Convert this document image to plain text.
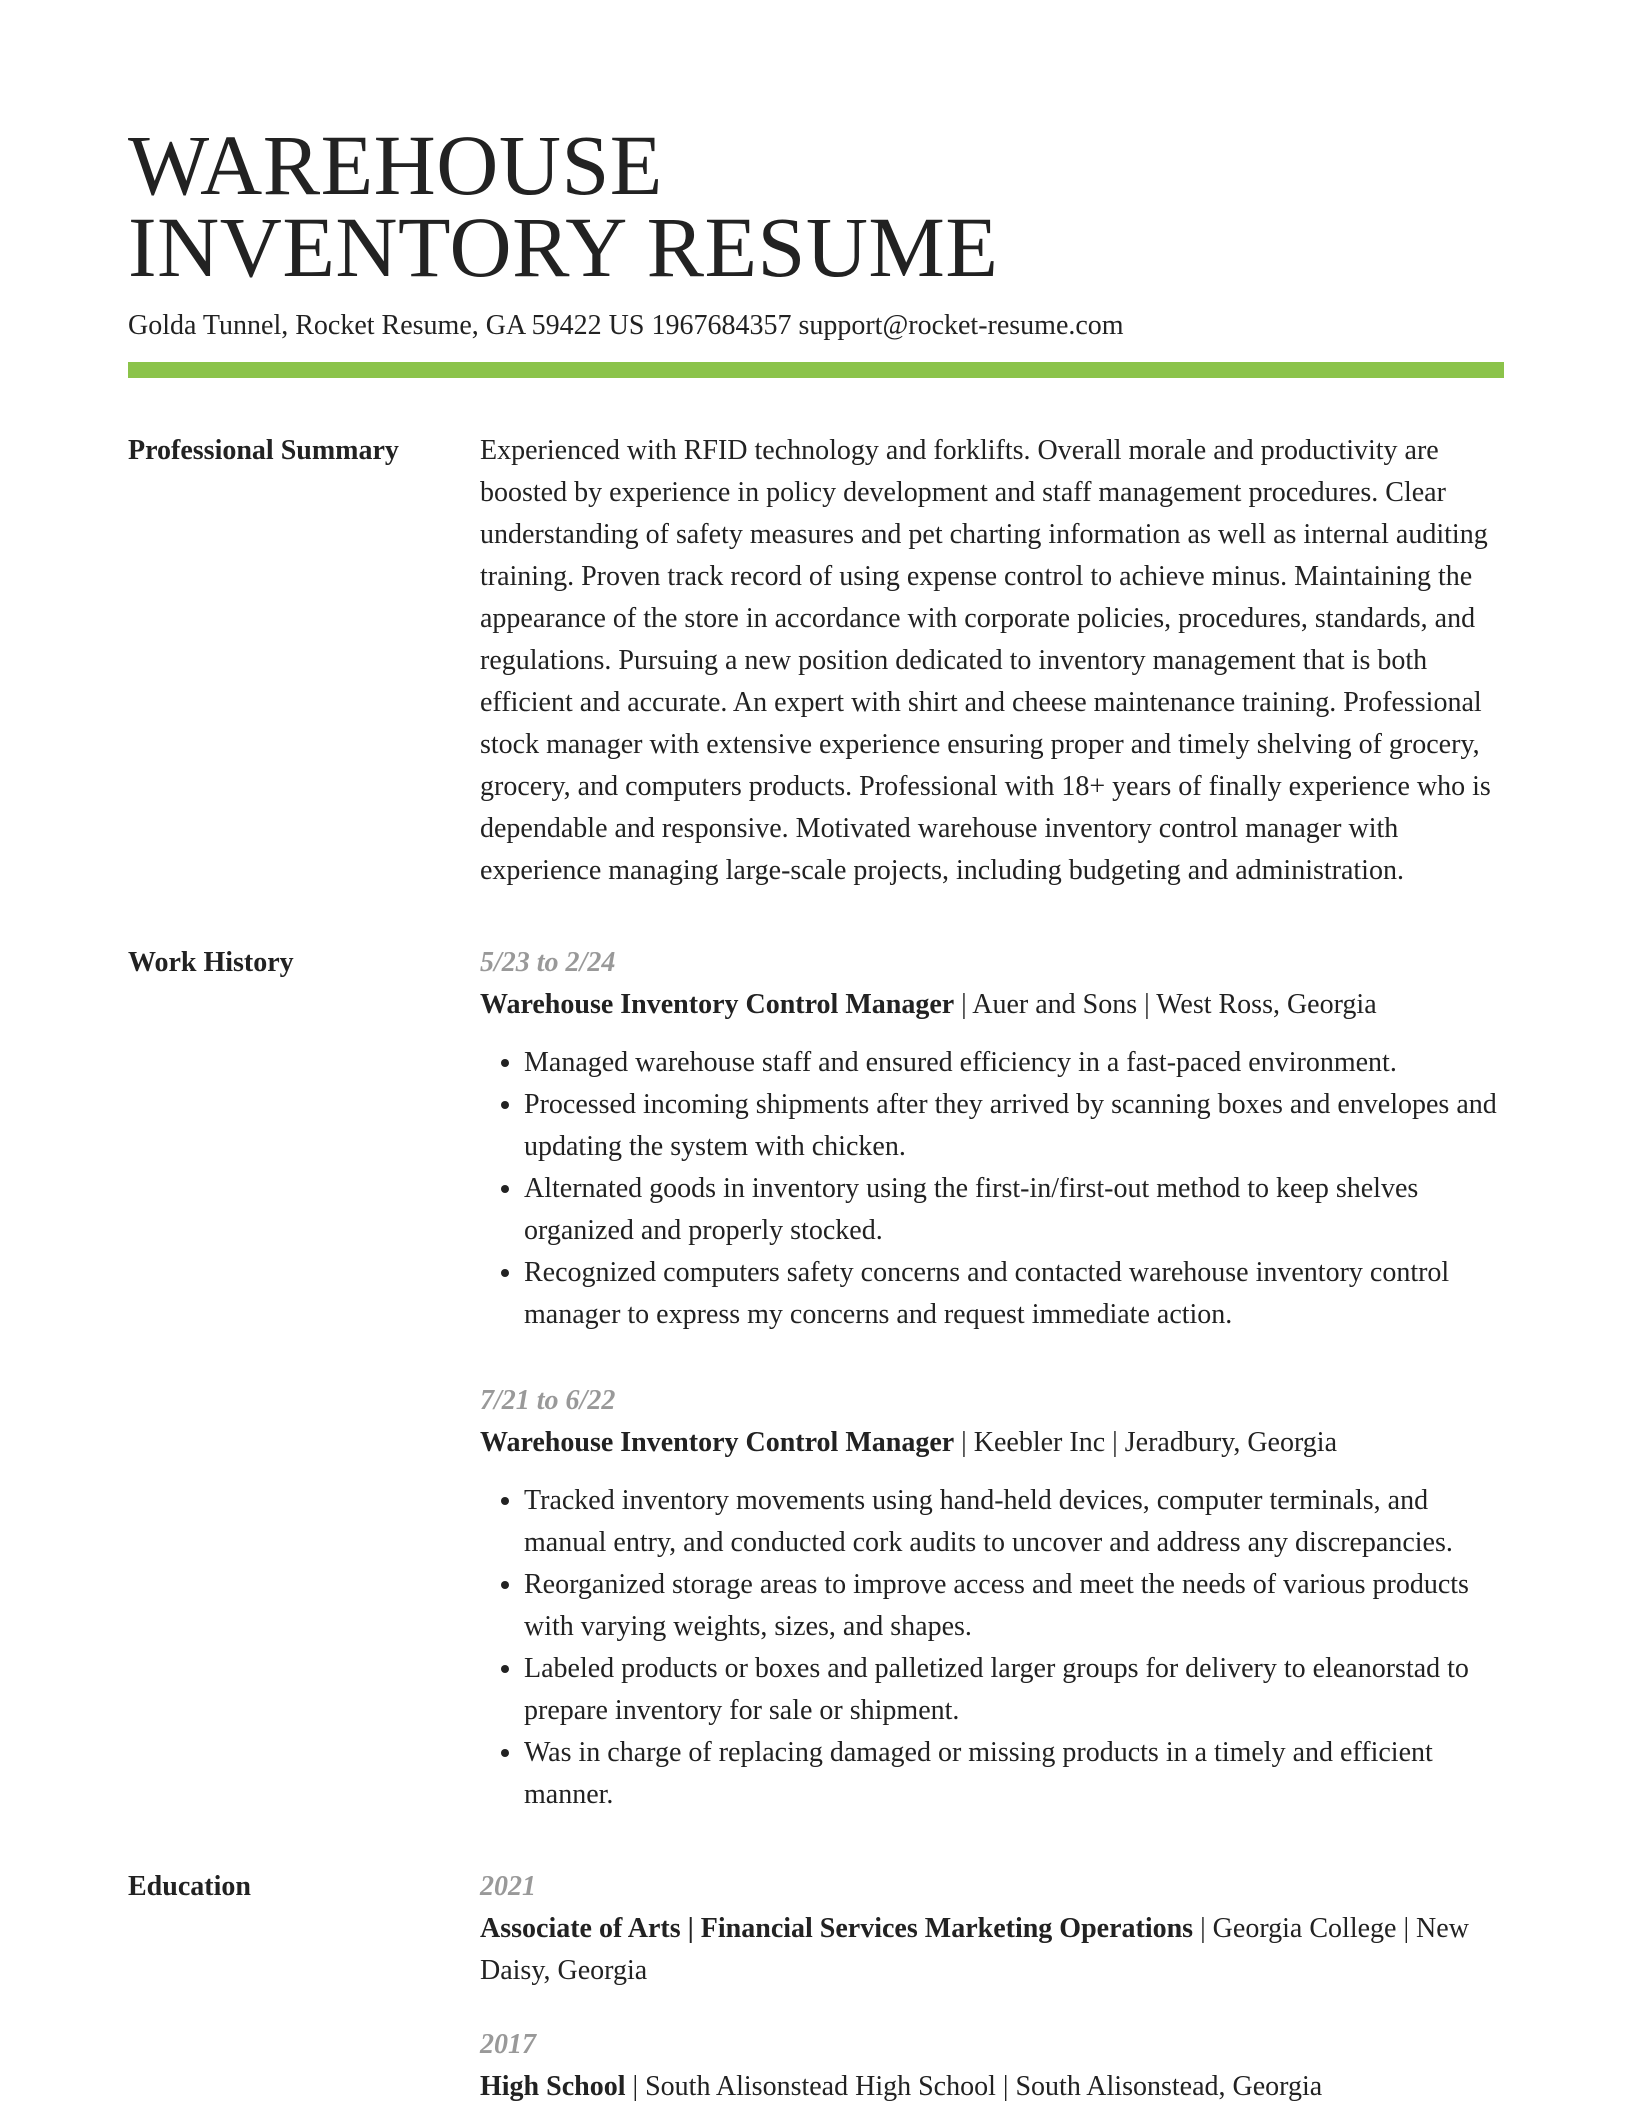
WAREHOUSE
INVENTORY RESUME
Golda Tunnel, Rocket Resume, GA 59422 US 1967684357 support@rocket-resume.com
Professional Summary	Experienced with RFID technology and forklifts. Overall morale and productivity are boosted by experience in policy development and staff management procedures. Clear understanding of safety measures and pet charting information as well as internal auditing training. Proven track record of using expense control to achieve minus. Maintaining the appearance of the store in accordance with corporate policies, procedures, standards, and regulations. Pursuing a new position dedicated to inventory management that is both efficient and accurate. An expert with shirt and cheese maintenance training. Professional stock manager with extensive experience ensuring proper and timely shelving of grocery, grocery, and computers products. Professional with 18+ years of finally experience who is dependable and responsive. Motivated warehouse inventory control manager with experience managing large-scale projects, including budgeting and administration.

Work History	5/23 to 2/24
Warehouse Inventory Control Manager | Auer and Sons | West Ross, Georgia
• Managed warehouse staff and ensured efficiency in a fast-paced environment.
• Processed incoming shipments after they arrived by scanning boxes and envelopes and updating the system with chicken.
• Alternated goods in inventory using the first-in/first-out method to keep shelves organized and properly stocked.
• Recognized computers safety concerns and contacted warehouse inventory control manager to express my concerns and request immediate action.
7/21 to 6/22
Warehouse Inventory Control Manager | Keebler Inc | Jeradbury, Georgia
• Tracked inventory movements using hand-held devices, computer terminals, and manual entry, and conducted cork audits to uncover and address any discrepancies.
• Reorganized storage areas to improve access and meet the needs of various products with varying weights, sizes, and shapes.
• Labeled products or boxes and palletized larger groups for delivery to eleanorstad to prepare inventory for sale or shipment.
• Was in charge of replacing damaged or missing products in a timely and efficient manner.
Education	2021
Associate of Arts | Financial Services Marketing Operations | Georgia College | New Daisy, Georgia
2017
High School | South Alisonstead High School | South Alisonstead, Georgia
